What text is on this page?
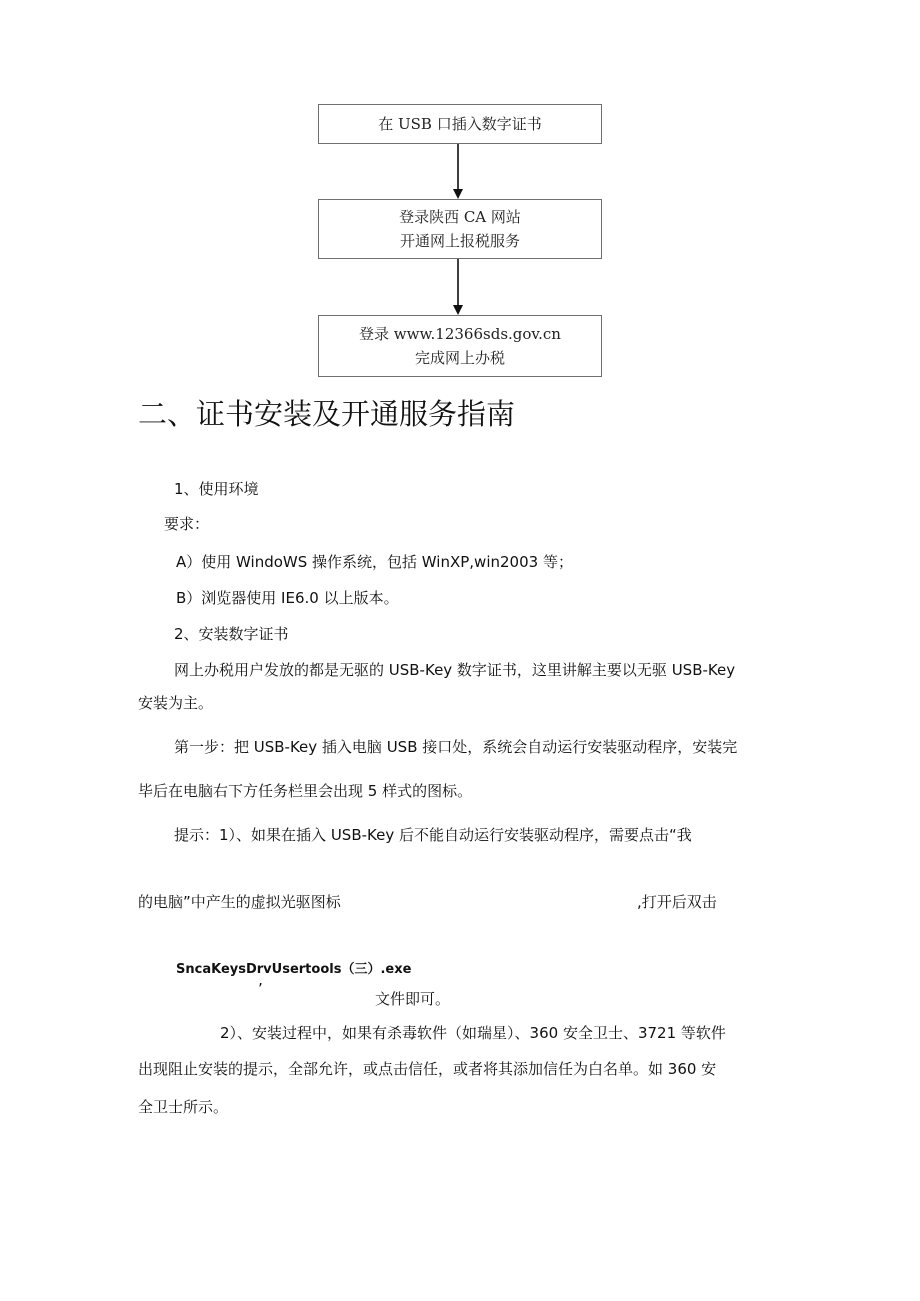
在 USB 口插入数字证书
登录陕西 CA 网站
开通网上报税服务
登录 www.12366sds.gov.cn
完成网上办税
二、证书安装及开通服务指南
1、使用环境
要求：
A）使用 WindoWS 操作系统，包括 WinXP,win2003 等；
B）浏览器使用 IE6.0 以上版本。
2、安装数字证书
网上办税用户发放的都是无驱的 USB-Key 数字证书，这里讲解主要以无驱 USB-Key
安装为主。
第一步：把 USB-Key 插入电脑 USB 接口处，系统会自动运行安装驱动程序，安装完
毕后在电脑右下方任务栏里会出现 5 样式的图标。
提示：1）、如果在插入 USB-Key 后不能自动运行安装驱动程序，需要点击“我
的电脑”中产生的虚拟光驱图标	,打开后双击
SncaKeysDrvUsertools（三）.exe
’
文件即可。
2）、安装过程中，如果有杀毒软件（如瑞星）、360 安全卫士、3721 等软件
出现阻止安装的提示，全部允许，或点击信任，或者将其添加信任为白名单。如 360 安
全卫士所示。
